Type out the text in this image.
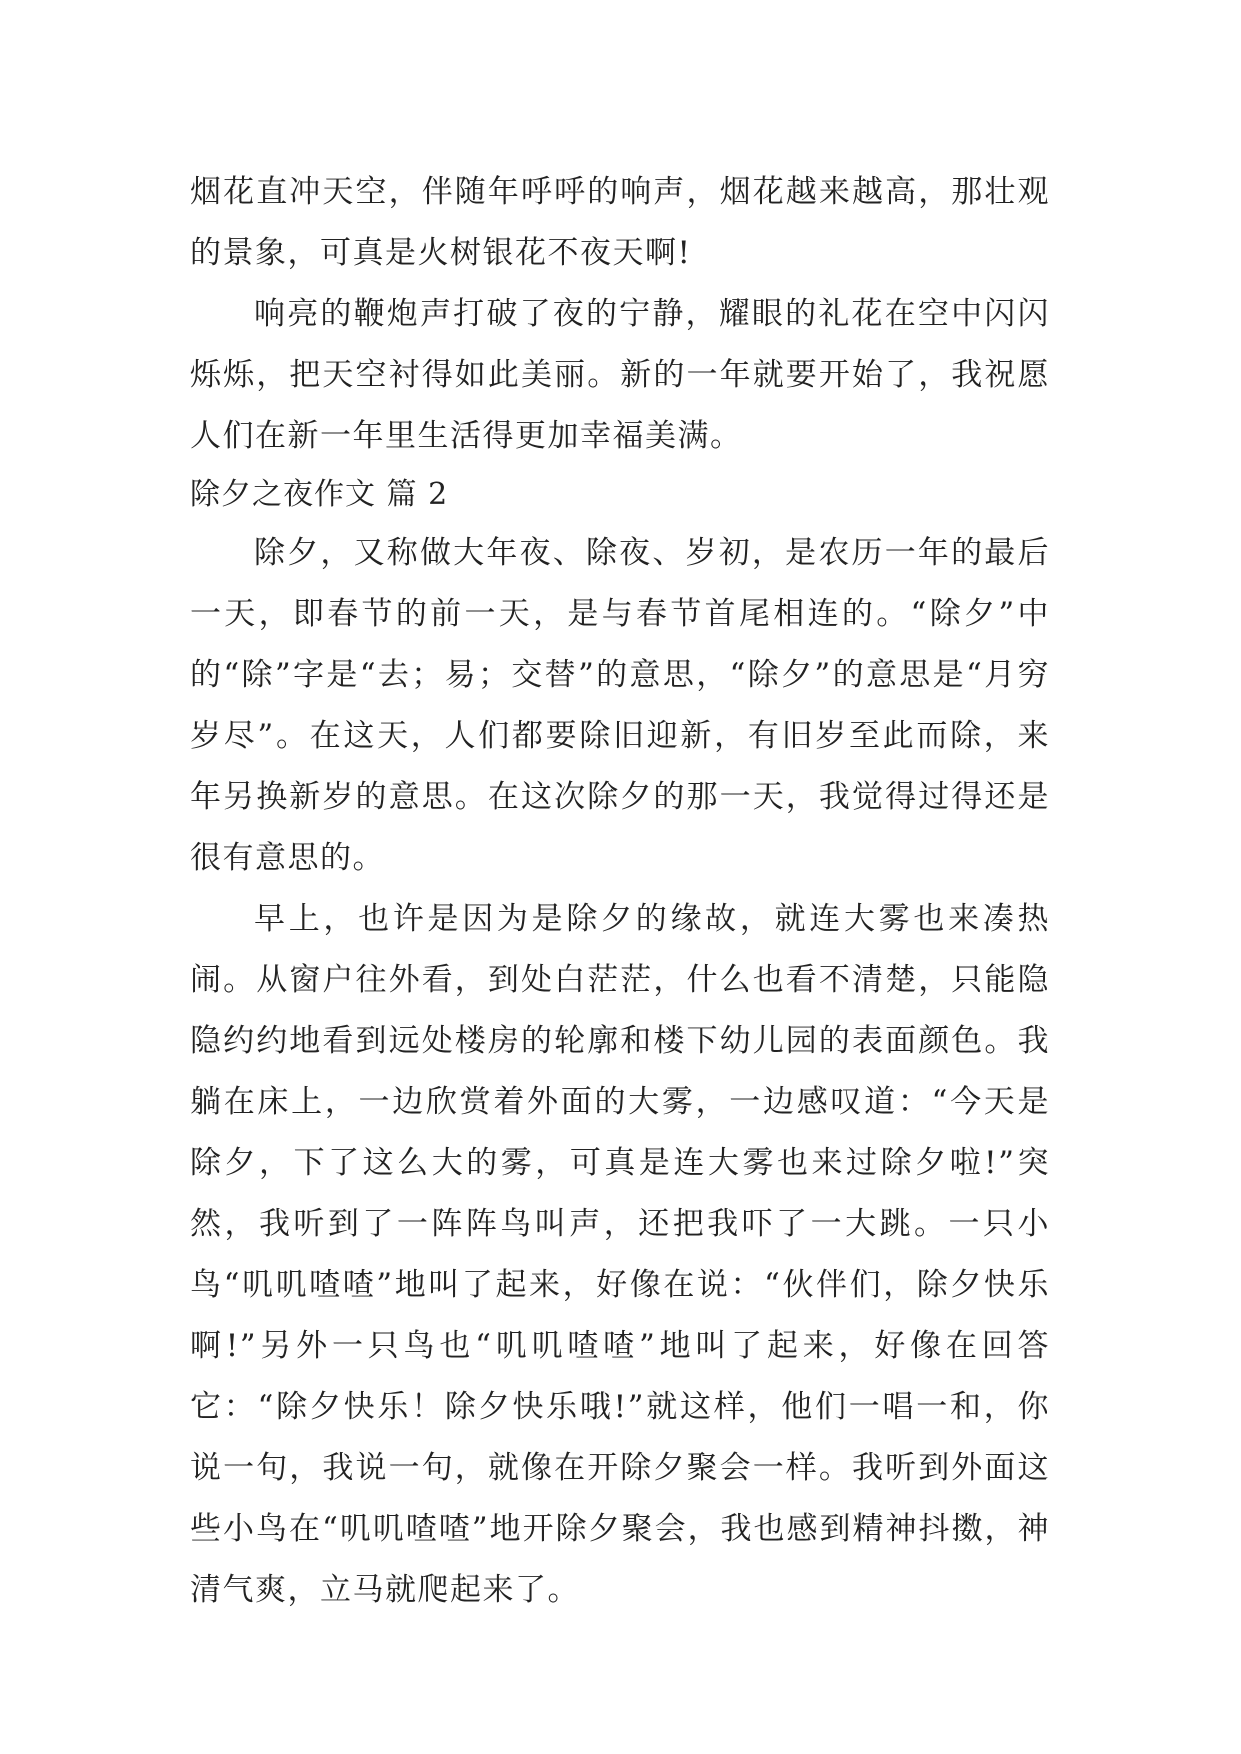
烟花直冲天空，伴随年呼呼的响声，烟花越来越高，那壮观的景象，可真是火树银花不夜天啊!

响亮的鞭炮声打破了夜的宁静，耀眼的礼花在空中闪闪烁烁，把天空衬得如此美丽。新的一年就要开始了，我祝愿人们在新一年里生活得更加幸福美满。

除夕之夜作文 篇 2

除夕，又称做大年夜、除夜、岁初，是农历一年的最后一天，即春节的前一天，是与春节首尾相连的。“除夕”中的“除”字是“去；易；交替”的意思，“除夕”的意思是“月穷岁尽”。在这天，人们都要除旧迎新，有旧岁至此而除，来年另换新岁的意思。在这次除夕的那一天，我觉得过得还是很有意思的。

早上，也许是因为是除夕的缘故，就连大雾也来凑热闹。从窗户往外看，到处白茫茫，什么也看不清楚，只能隐隐约约地看到远处楼房的轮廓和楼下幼儿园的表面颜色。我躺在床上，一边欣赏着外面的大雾，一边感叹道：“今天是除夕，下了这么大的雾，可真是连大雾也来过除夕啦!”突然，我听到了一阵阵鸟叫声，还把我吓了一大跳。一只小鸟“叽叽喳喳”地叫了起来，好像在说：“伙伴们，除夕快乐啊!”另外一只鸟也“叽叽喳喳”地叫了起来，好像在回答它：“除夕快乐！除夕快乐哦!”就这样，他们一唱一和，你说一句，我说一句，就像在开除夕聚会一样。我听到外面这些小鸟在“叽叽喳喳”地开除夕聚会，我也感到精神抖擞，神清气爽，立马就爬起来了。
